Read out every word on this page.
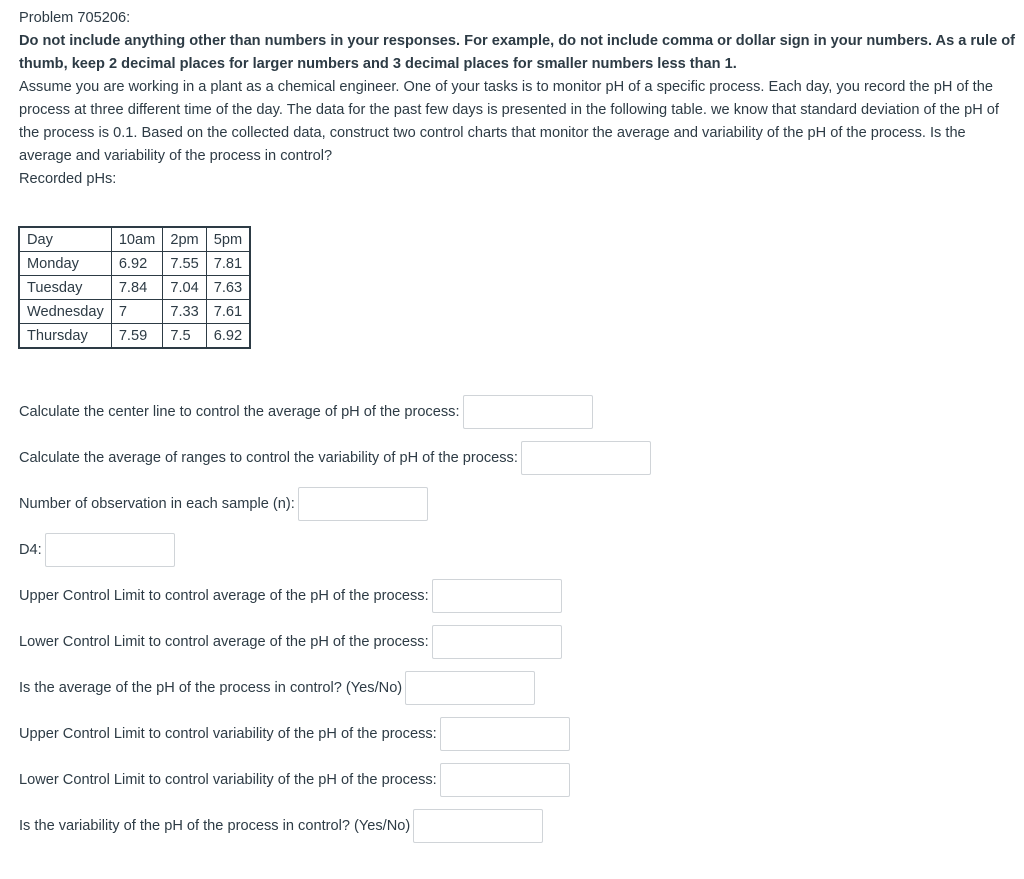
Problem 705206:

Do not include anything other than numbers in your responses. For example, do not include comma or dollar sign in your numbers. As a rule of thumb, keep 2 decimal places for larger numbers and 3 decimal places for smaller numbers less than 1.

Assume you are working in a plant as a chemical engineer. One of your tasks is to monitor pH of a specific process. Each day, you record the pH of the process at three different time of the day. The data for the past few days is presented in the following table. we know that standard deviation of the pH of the process is 0.1. Based on the collected data, construct two control charts that monitor the average and variability of the pH of the process. Is the average and variability of the process in control?

Recorded pHs:

Day	10am	2pm	5pm
Monday	6.92	7.55	7.81
Tuesday	7.84	7.04	7.63
Wednesday	7	7.33	7.61
Thursday	7.59	7.5	6.92
Calculate the center line to control the average of pH of the process:
Calculate the average of ranges to control the variability of pH of the process:
Number of observation in each sample (n):
D4:
Upper Control Limit to control average of the pH of the process:
Lower Control Limit to control average of the pH of the process:
Is the average of the pH of the process in control? (Yes/No)
Upper Control Limit to control variability of the pH of the process:
Lower Control Limit to control variability of the pH of the process:
Is the variability of the pH of the process in control? (Yes/No)
